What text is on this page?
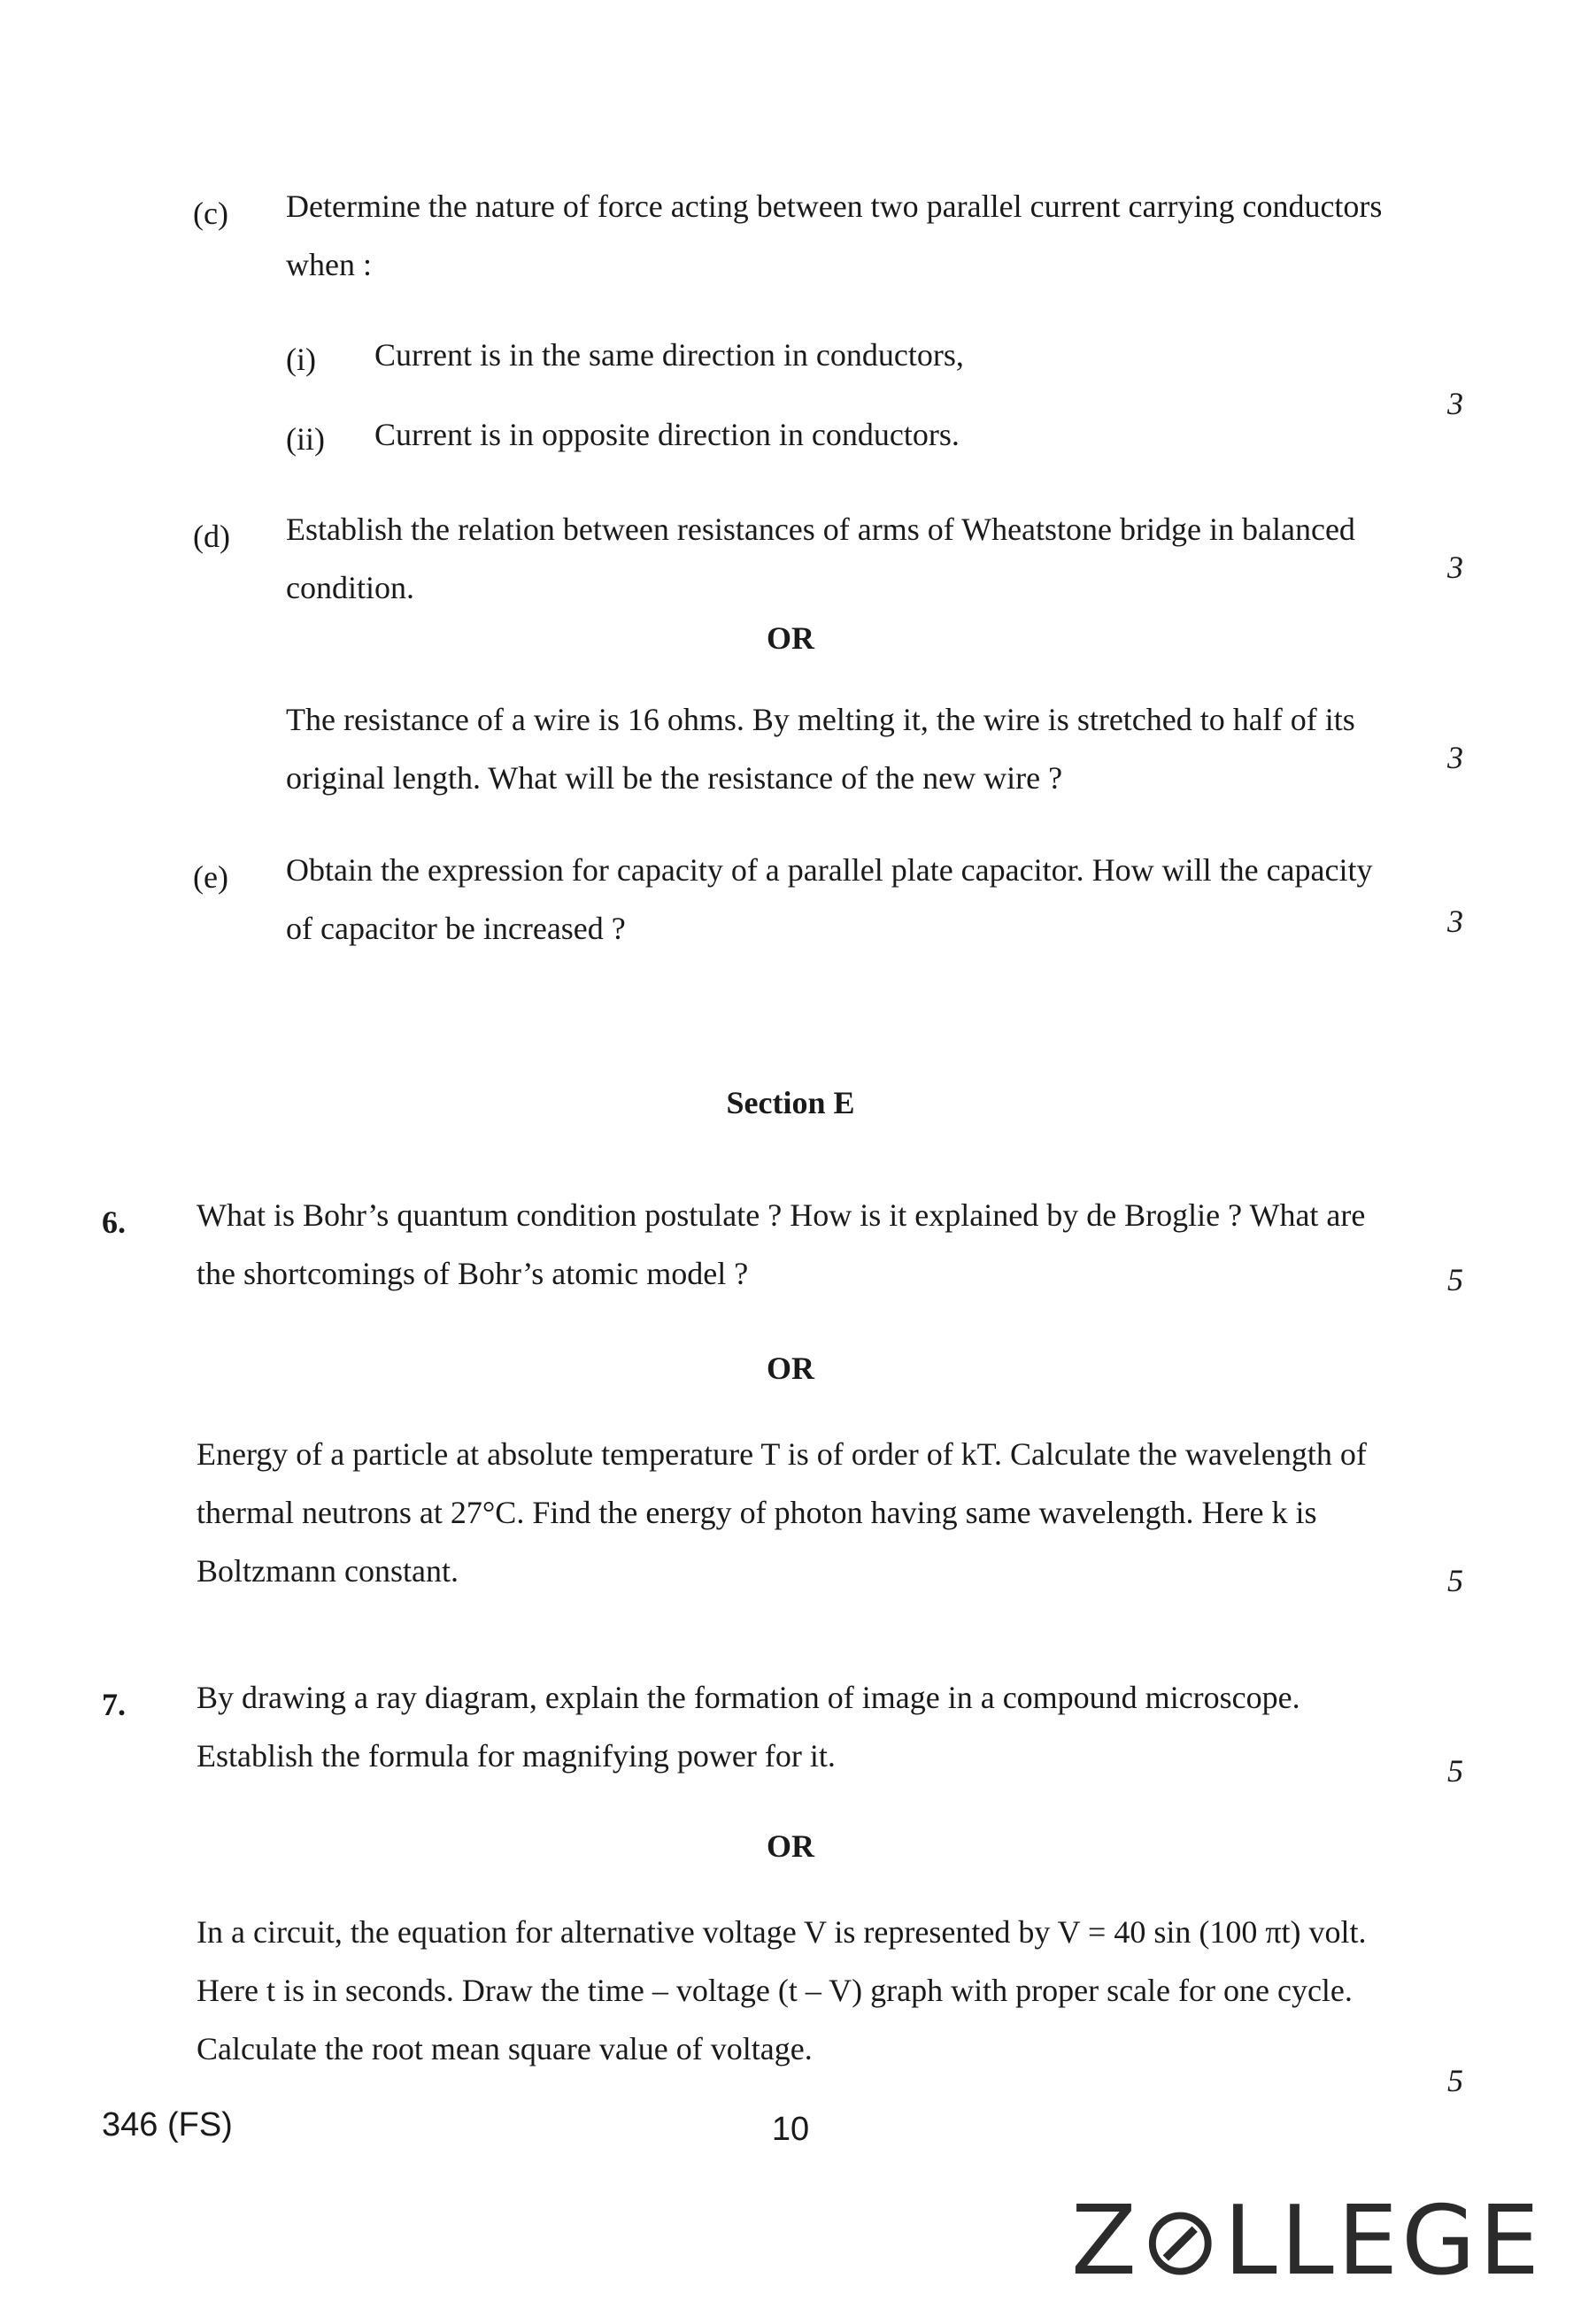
(c) Determine the nature of force acting between two parallel current carrying conductors when :
(i) Current is in the same direction in conductors,
(ii) Current is in opposite direction in conductors.
3
(d) Establish the relation between resistances of arms of Wheatstone bridge in balanced condition.
3
OR
The resistance of a wire is 16 ohms. By melting it, the wire is stretched to half of its original length. What will be the resistance of the new wire ?
3
(e) Obtain the expression for capacity of a parallel plate capacitor. How will the capacity of capacitor be increased ?	3
Section E
6. What is Bohr’s quantum condition postulate ? How is it explained by de Broglie ? What are the shortcomings of Bohr’s atomic model ?	5
OR
Energy of a particle at absolute temperature T is of order of kT. Calculate the wavelength of thermal neutrons at 27°C. Find the energy of photon having same wavelength. Here k is Boltzmann constant.	5
7. By drawing a ray diagram, explain the formation of image in a compound microscope. Establish the formula for magnifying power for it.	5
OR
In a circuit, the equation for alternative voltage V is represented by V = 40 sin (100 πt) volt. Here t is in seconds. Draw the time – voltage (t – V) graph with proper scale for one cycle. Calculate the root mean square value of voltage.
5
346 (FS)	10
Z⊘LLEGE
